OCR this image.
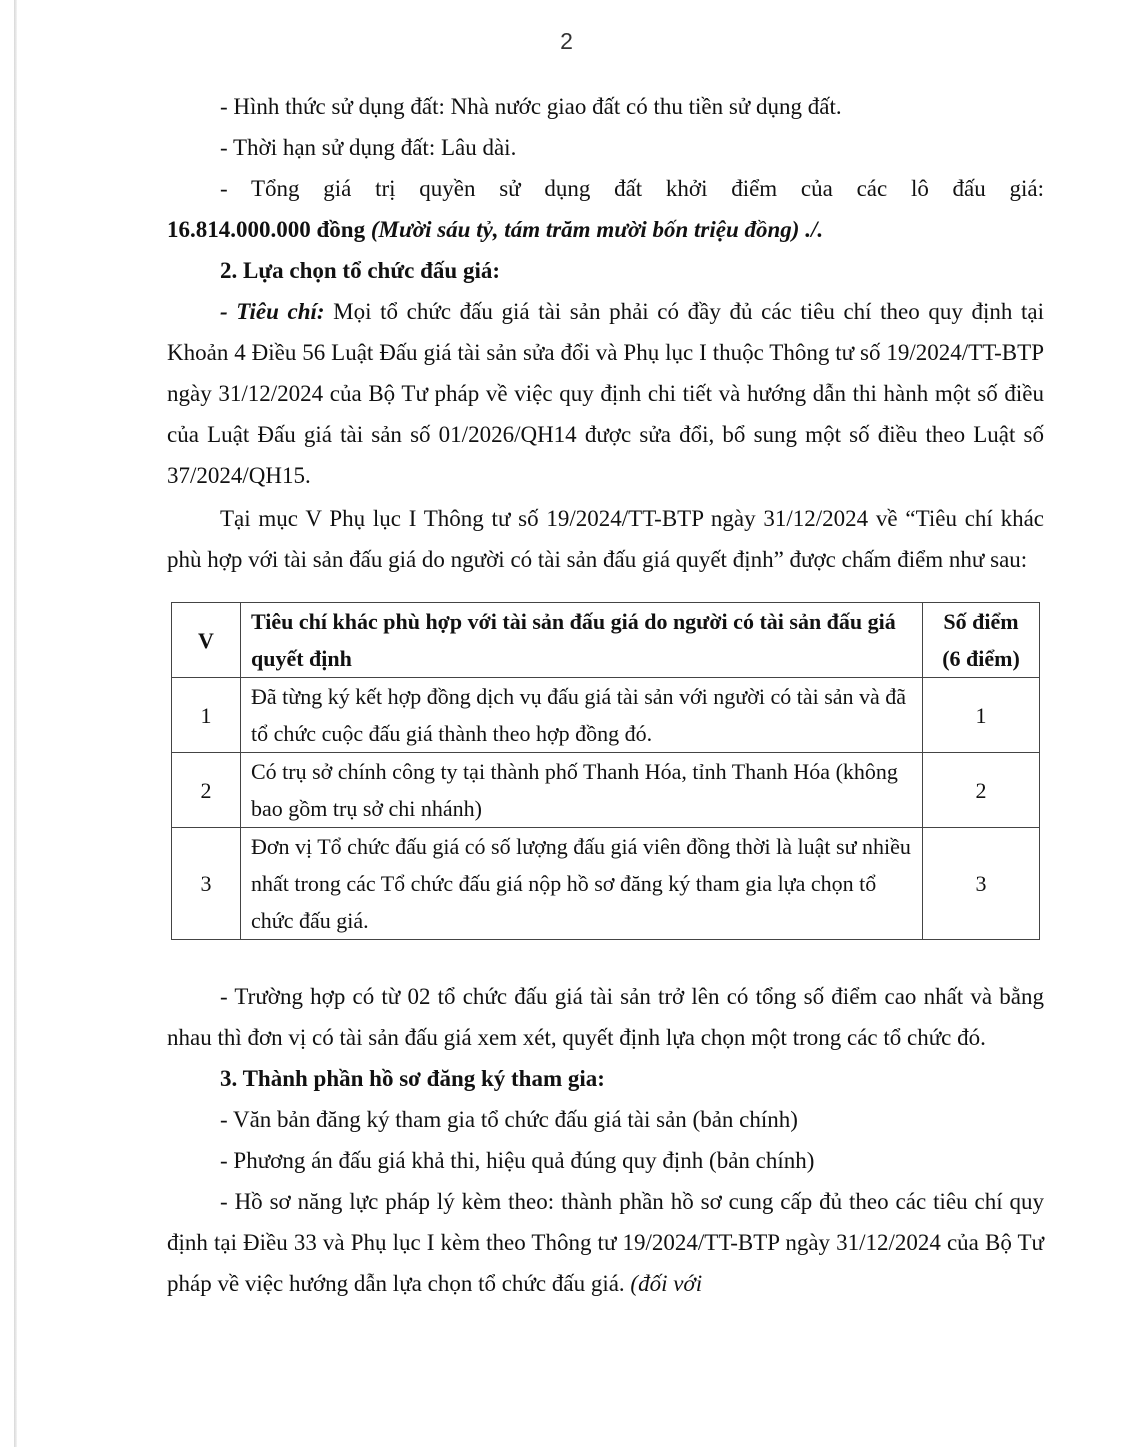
2

- Hình thức sử dụng đất: Nhà nước giao đất có thu tiền sử dụng đất.

- Thời hạn sử dụng đất: Lâu dài.

- Tổng giá trị quyền sử dụng đất khởi điểm của các lô đấu giá:

16.814.000.000 đồng (Mười sáu tỷ, tám trăm mười bốn triệu đồng) ./.

2. Lựa chọn tổ chức đấu giá:

- Tiêu chí: Mọi tổ chức đấu giá tài sản phải có đầy đủ các tiêu chí theo quy định tại Khoản 4 Điều 56 Luật Đấu giá tài sản sửa đổi và Phụ lục I thuộc Thông tư số 19/2024/TT-BTP ngày 31/12/2024 của Bộ Tư pháp về việc quy định chi tiết và hướng dẫn thi hành một số điều của Luật Đấu giá tài sản số 01/2026/QH14 được sửa đổi, bổ sung một số điều theo Luật số 37/2024/QH15.

Tại mục V Phụ lục I Thông tư số 19/2024/TT-BTP ngày 31/12/2024 về “Tiêu chí khác phù hợp với tài sản đấu giá do người có tài sản đấu giá quyết định” được chấm điểm như sau:

V	Tiêu chí khác phù hợp với tài sản đấu giá do người có tài sản đấu giá quyết định	Số điểm
(6 điểm)
1	Đã từng ký kết hợp đồng dịch vụ đấu giá tài sản với người có tài sản và đã tổ chức cuộc đấu giá thành theo hợp đồng đó.	1
2	Có trụ sở chính công ty tại thành phố Thanh Hóa, tỉnh Thanh Hóa (không bao gồm trụ sở chi nhánh)	2
3	Đơn vị Tổ chức đấu giá có số lượng đấu giá viên đồng thời là luật sư nhiều nhất trong các Tổ chức đấu giá nộp hồ sơ đăng ký tham gia lựa chọn tổ chức đấu giá.	3

- Trường hợp có từ 02 tổ chức đấu giá tài sản trở lên có tổng số điểm cao nhất và bằng nhau thì đơn vị có tài sản đấu giá xem xét, quyết định lựa chọn một trong các tổ chức đó.

3. Thành phần hồ sơ đăng ký tham gia:

- Văn bản đăng ký tham gia tổ chức đấu giá tài sản (bản chính)

- Phương án đấu giá khả thi, hiệu quả đúng quy định (bản chính)

- Hồ sơ năng lực pháp lý kèm theo: thành phần hồ sơ cung cấp đủ theo các tiêu chí quy định tại Điều 33 và Phụ lục I kèm theo Thông tư 19/2024/TT-BTP ngày 31/12/2024 của Bộ Tư pháp về việc hướng dẫn lựa chọn tổ chức đấu giá. (đối với
